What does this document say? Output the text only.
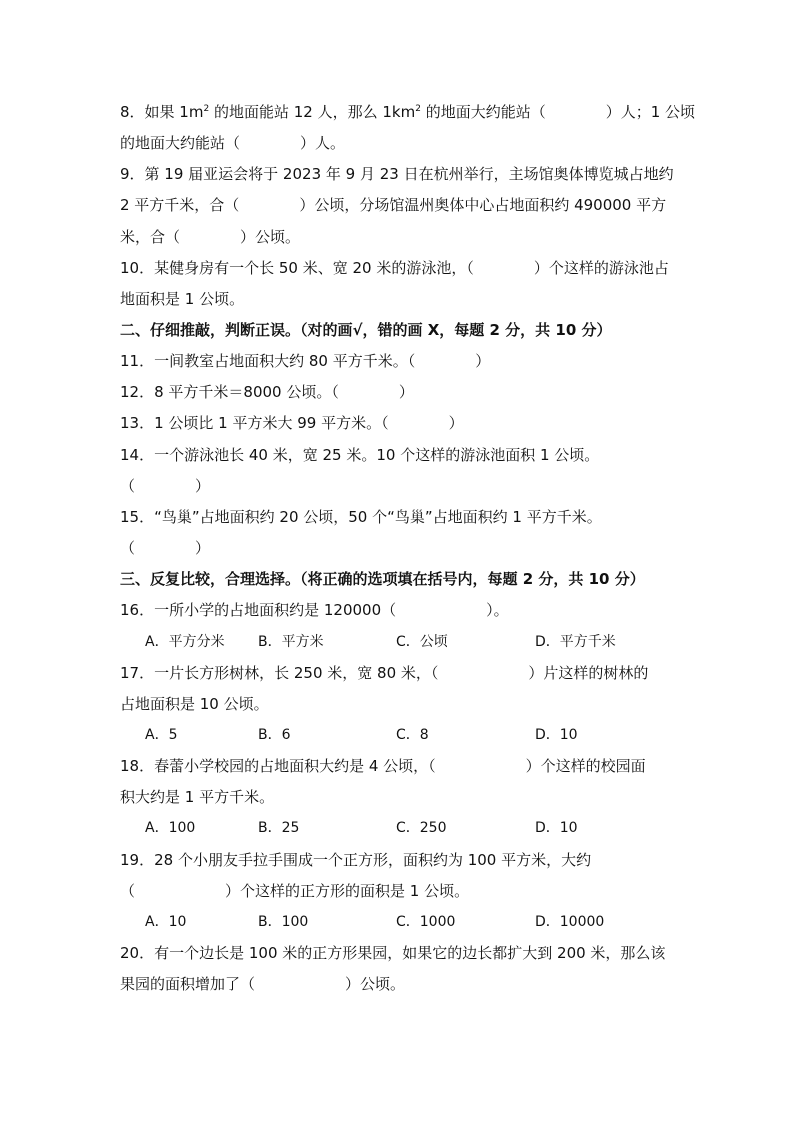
8．如果 $1m^2$ 的地面能站 12 人，那么 $1km^2$ 的地面大约能站（　　　　）人；1 公顷
的地面大约能站（　　　　）人。
9．第 19 届亚运会将于 2023 年 9 月 23 日在杭州举行，主场馆奥体博览城占地约
2 平方千米，合（　　　　）公顷，分场馆温州奥体中心占地面积约 490000 平方
米，合（　　　　）公顷。
10．某健身房有一个长 50 米、宽 20 米的游泳池，（　　　　）个这样的游泳池占
地面积是 1 公顷。
二、仔细推敲，判断正误。（对的画√，错的画 X，每题 2 分，共 10 分）
11．一间教室占地面积大约 80 平方千米。（　　　　）
12．8 平方千米＝8000 公顷。（　　　　）
13．1 公顷比 1 平方米大 99 平方米。（　　　　）
14．一个游泳池长 40 米，宽 25 米。10 个这样的游泳池面积 1 公顷。
（　　　　）
15．“鸟巢”占地面积约 20 公顷，50 个“鸟巢”占地面积约 1 平方千米。
（　　　　）
三、反复比较，合理选择。（将正确的选项填在括号内，每题 2 分，共 10 分）
16．一所小学的占地面积约是 120000（　　　　　　）。
A．平方分米 B．平方米	C．公顷	D．平方千米
17．一片长方形树林，长 250 米，宽 80 米，（　　　　　　）片这样的树林的
占地面积是 10 公顷。
A．5	B．6	C．8	D．10
18．春蕾小学校园的占地面积大约是 4 公顷，（　　　　　　）个这样的校园面
积大约是 1 平方千米。
A．100	B．25	C．250	D．10
19．28 个小朋友手拉手围成一个正方形，面积约为 100 平方米，大约
（　　　　　　）个这样的正方形的面积是 1 公顷。
A．10	B．100	C．1000	D．10000
20．有一个边长是 100 米的正方形果园，如果它的边长都扩大到 200 米，那么该
果园的面积增加了（　　　　　　）公顷。
